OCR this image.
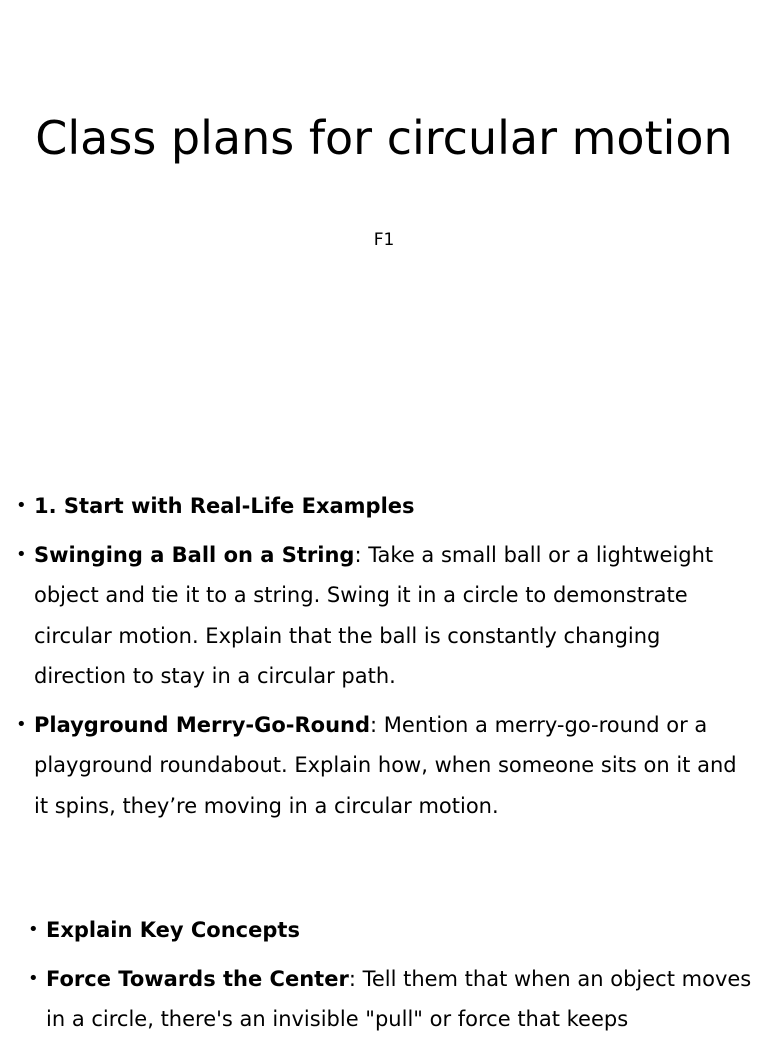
Class plans for circular motion
F1
• 1. Start with Real-Life Examples
• Swinging a Ball on a String: Take a small ball or a lightweight object and tie it to a string. Swing it in a circle to demonstrate circular motion. Explain that the ball is constantly changing direction to stay in a circular path.
• Playground Merry-Go-Round: Mention a merry-go-round or a playground roundabout. Explain how, when someone sits on it and it spins, they’re moving in a circular motion.
• Explain Key Concepts
• Force Towards the Center: Tell them that when an object moves in a circle, there's an invisible "pull" or force that keeps
